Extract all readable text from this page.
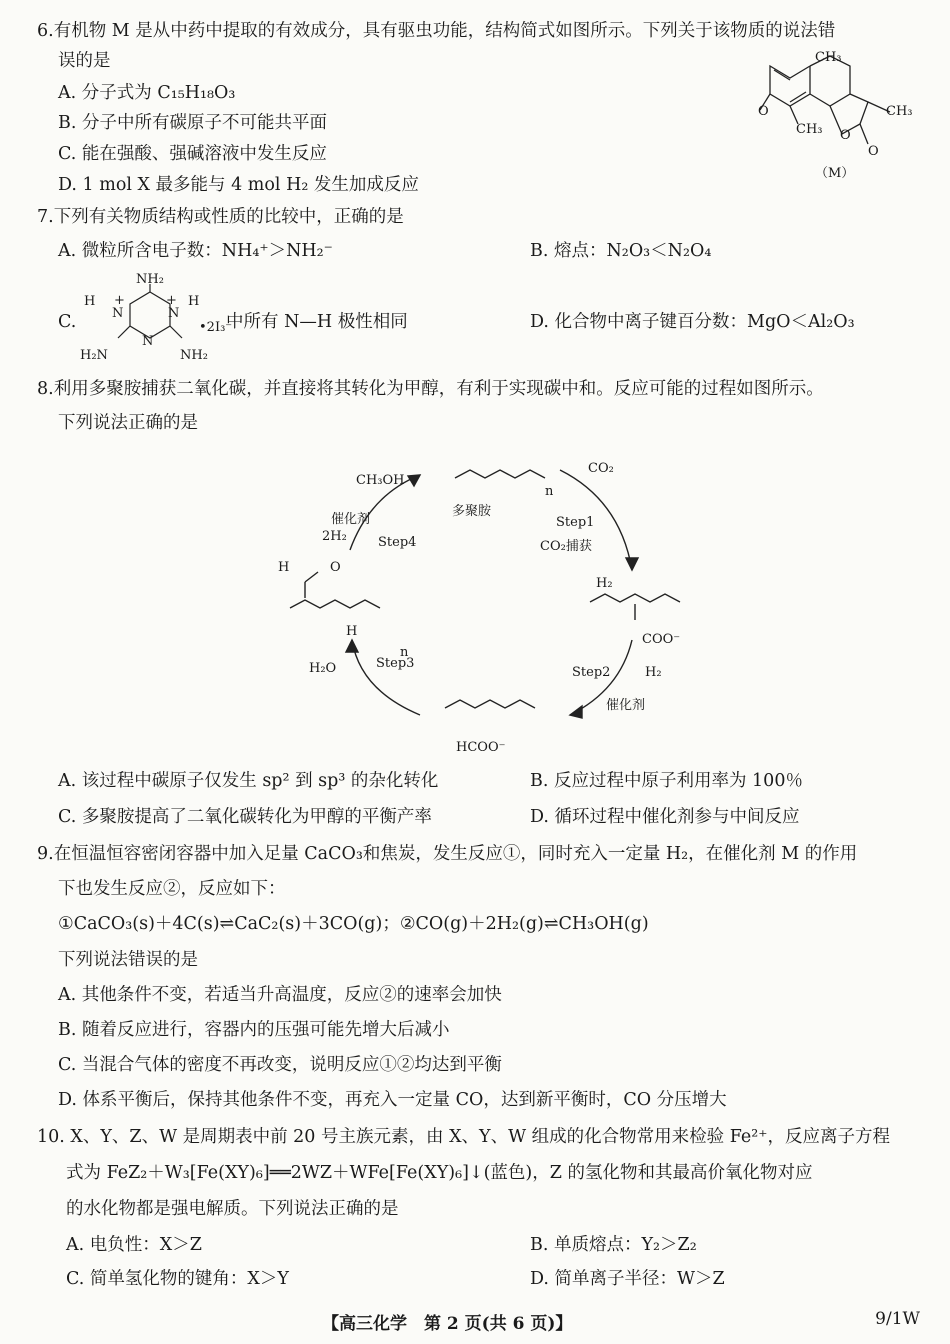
6.有机物 M 是从中药中提取的有效成分，具有驱虫功能，结构简式如图所示。下列关于该物质的说法错
误的是
A. 分子式为 C₁₅H₁₈O₃
B. 分子中所有碳原子不可能共平面
C. 能在强酸、强碱溶液中发生反应
D. 1 mol X 最多能与 4 mol H₂ 发生加成反应
CH₃
CH₃
CH₃
O
O
O
（M）
7.下列有关物质结构或性质的比较中，正确的是
A. 微粒所含电子数：NH₄⁺＞NH₂⁻	B. 熔点：N₂O₃＜N₂O₄
C.
NH₂
H	H
N	N
N
+	+
H₂N	NH₂
•2I₃⁻
中所有 N—H 极性相同	D. 化合物中离子键百分数：MgO＜Al₂O₃
8.利用多聚胺捕获二氧化碳，并直接将其转化为甲醇，有利于实现碳中和。反应可能的过程如图所示。
下列说法正确的是
CH₃OH
CO₂
多聚胺
Step1
CO₂捕获
催化剂
2H₂ Step4
H₂
COO⁻
Step2	H₂
催化剂
H₂O	Step3
HCOO⁻
H	O
H
n
n
A. 该过程中碳原子仅发生 sp² 到 sp³ 的杂化转化	B. 反应过程中原子利用率为 100％
C. 多聚胺提高了二氧化碳转化为甲醇的平衡产率	D. 循环过程中催化剂参与中间反应
9.在恒温恒容密闭容器中加入足量 CaCO₃和焦炭，发生反应①，同时充入一定量 H₂，在催化剂 M 的作用
下也发生反应②，反应如下：
①CaCO₃(s)＋4C(s)⇌CaC₂(s)＋3CO(g)；②CO(g)＋2H₂(g)⇌CH₃OH(g)
下列说法错误的是
A. 其他条件不变，若适当升高温度，反应②的速率会加快
B. 随着反应进行，容器内的压强可能先增大后减小
C. 当混合气体的密度不再改变，说明反应①②均达到平衡
D. 体系平衡后，保持其他条件不变，再充入一定量 CO，达到新平衡时，CO 分压增大
10. X、Y、Z、W 是周期表中前 20 号主族元素，由 X、Y、W 组成的化合物常用来检验 Fe²⁺，反应离子方程
式为 FeZ₂＋W₃[Fe(XY)₆]══2WZ＋WFe[Fe(XY)₆]↓(蓝色)，Z 的氢化物和其最高价氧化物对应
的水化物都是强电解质。下列说法正确的是
A. 电负性：X＞Z	B. 单质熔点：Y₂＞Z₂
C. 简单氢化物的键角：X＞Y	D. 简单离子半径：W＞Z
【高三化学　第 2 页(共 6 页)】	9/1W
